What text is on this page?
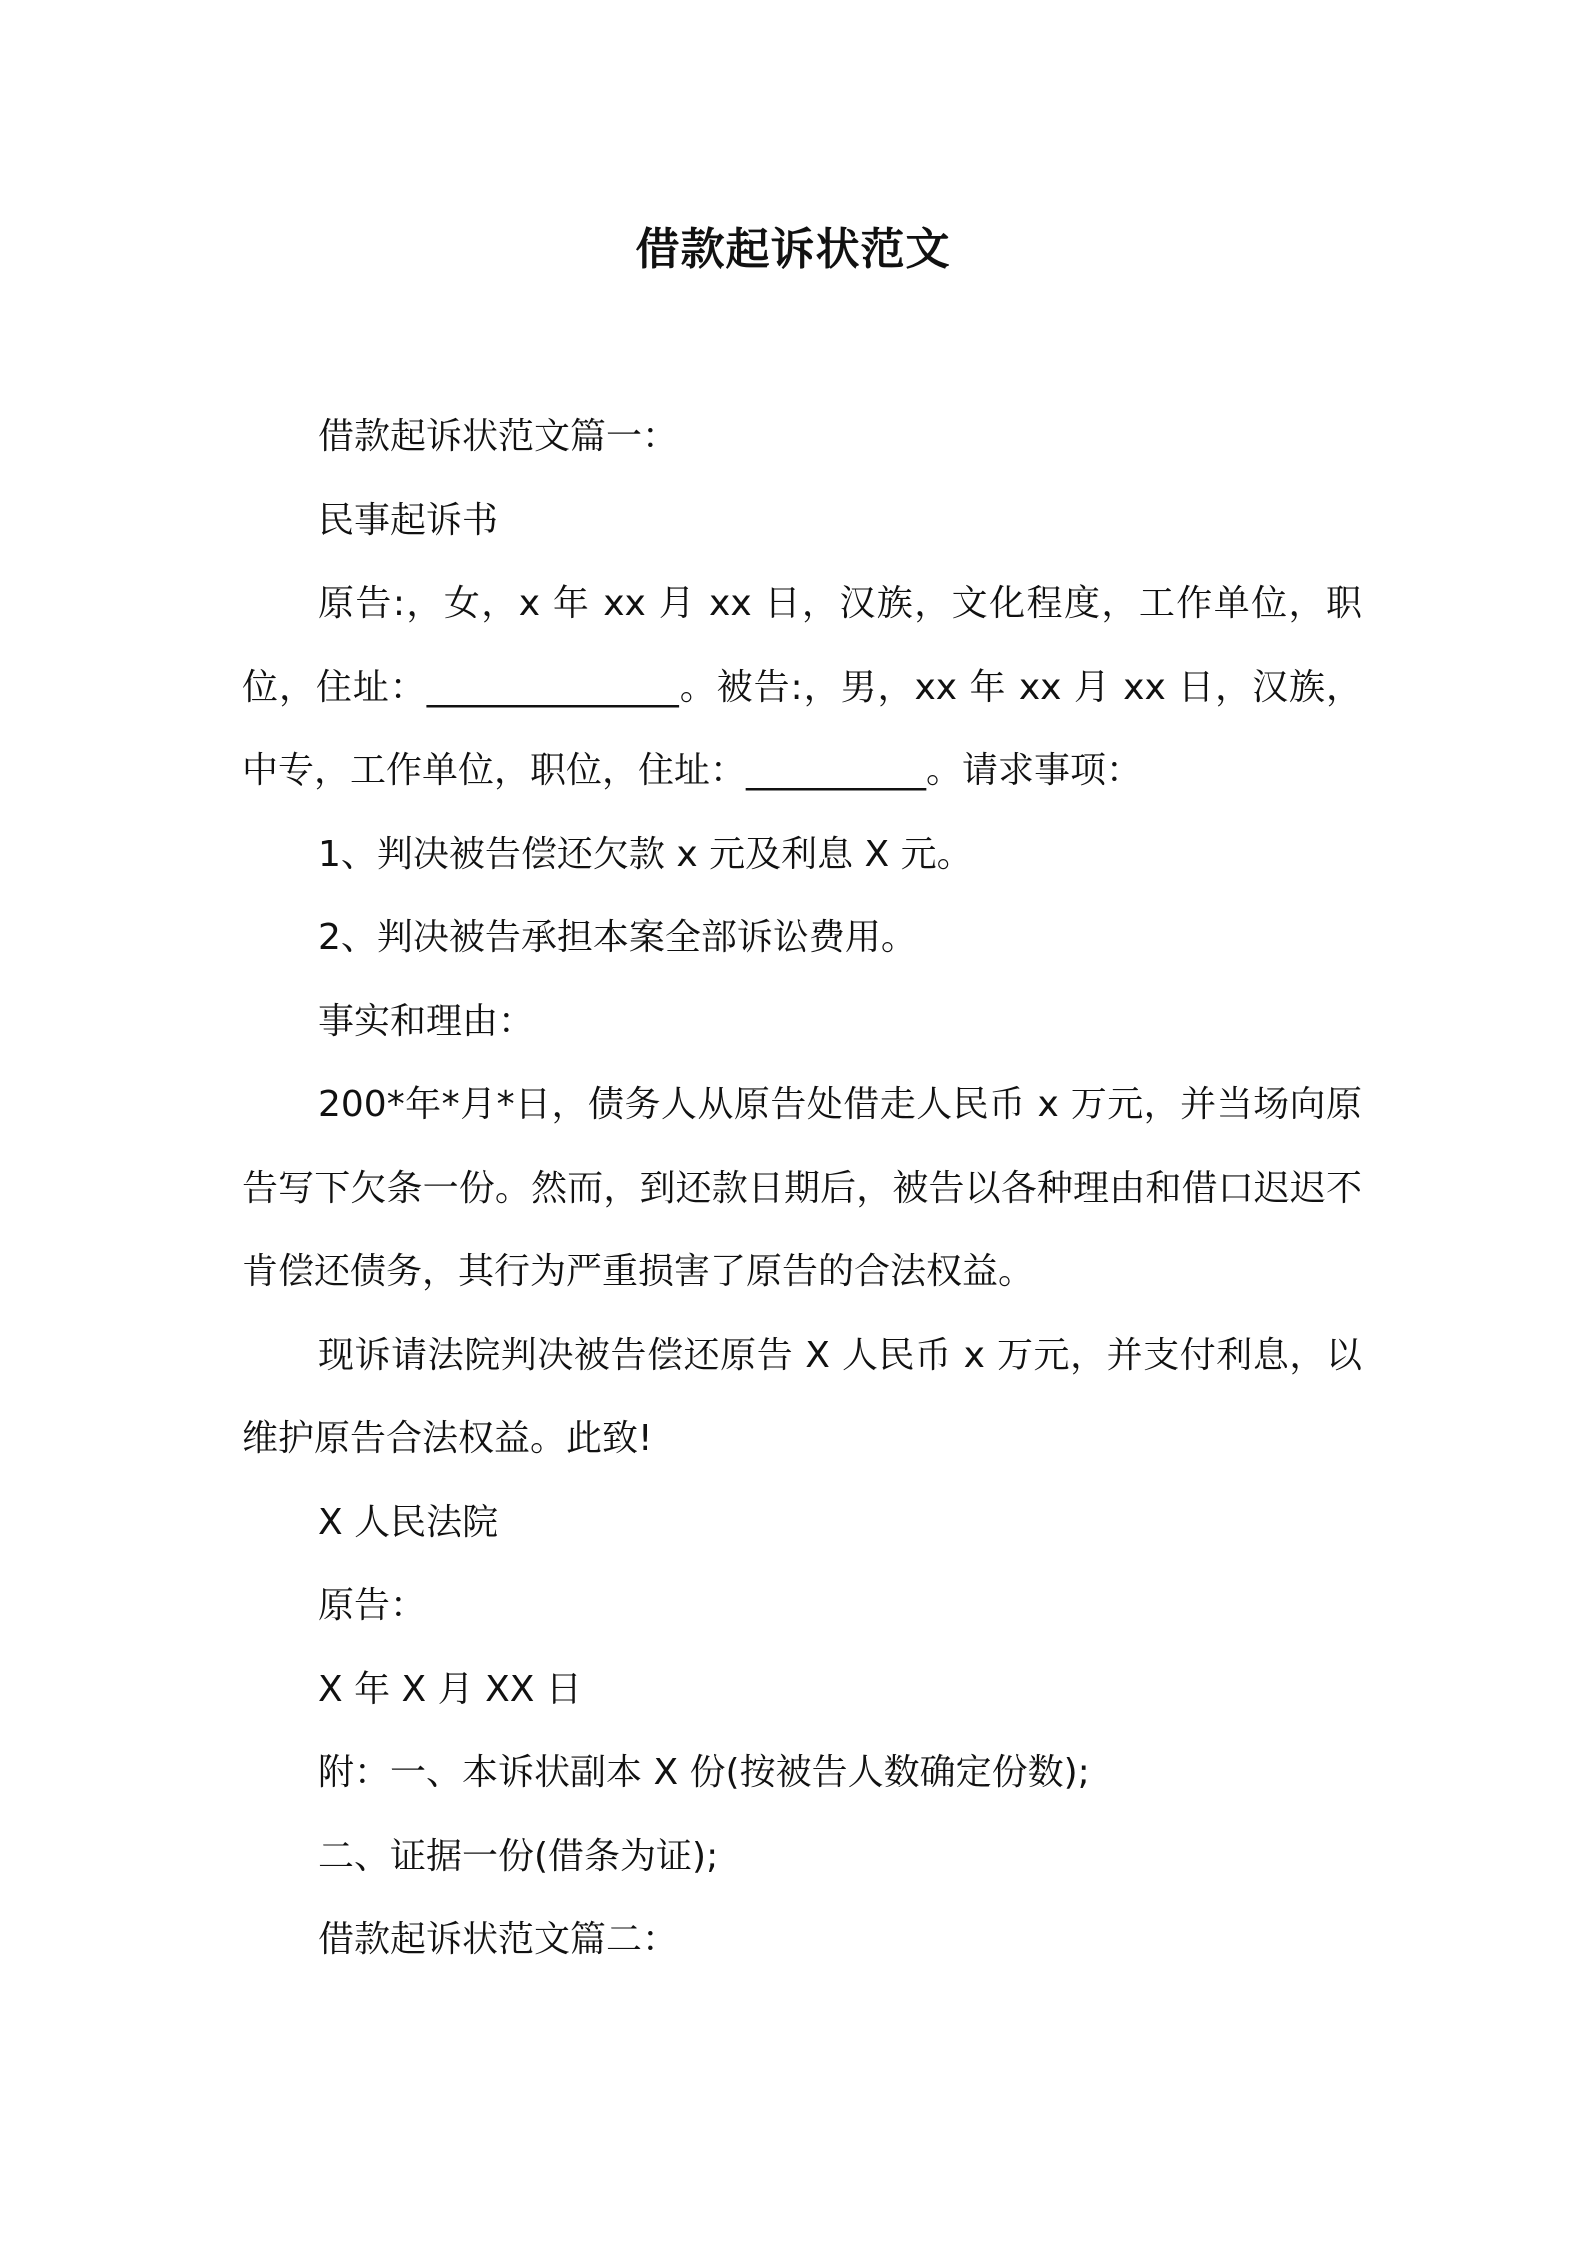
借款起诉状范文

借款起诉状范文篇一：

民事起诉书

原告:，女，x 年 xx 月 xx 日，汉族，文化程度，工作单位，职位，住址：______________。被告:，男，xx 年 xx 月 xx 日，汉族，中专，工作单位，职位，住址：__________。请求事项：

1、判决被告偿还欠款 x 元及利息 X 元。

2、判决被告承担本案全部诉讼费用。

事实和理由：

200*年*月*日，债务人从原告处借走人民币 x 万元，并当场向原告写下欠条一份。然而，到还款日期后，被告以各种理由和借口迟迟不肯偿还债务，其行为严重损害了原告的合法权益。

现诉请法院判决被告偿还原告 X 人民币 x 万元，并支付利息，以维护原告合法权益。此致!

X 人民法院

原告：

X 年 X 月 XX 日

附：一、本诉状副本 X 份(按被告人数确定份数);

二、证据一份(借条为证);

借款起诉状范文篇二：
